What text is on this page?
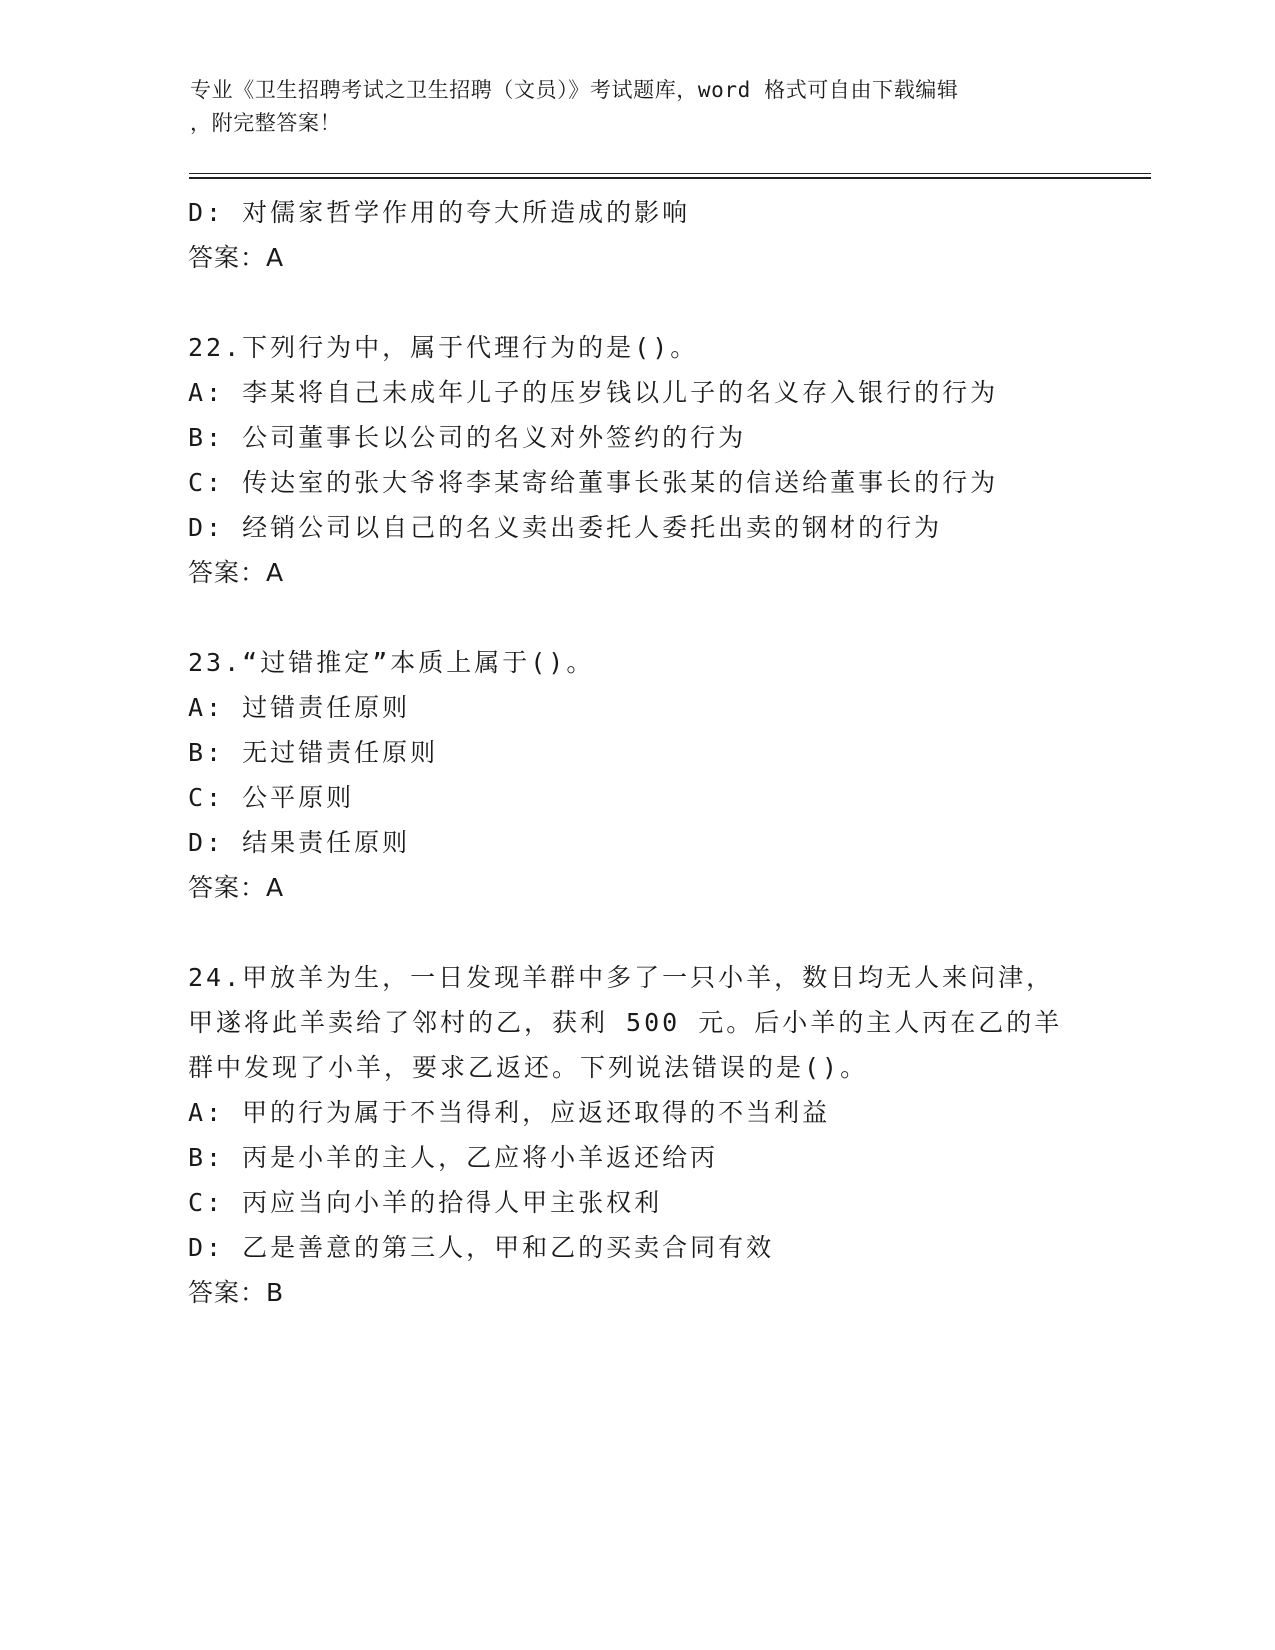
专业《卫生招聘考试之卫生招聘（文员）》考试题库，word 格式可自由下载编辑
，附完整答案！
D: 对儒家哲学作用的夸大所造成的影响
答案：A
22.下列行为中，属于代理行为的是()。
A: 李某将自己未成年儿子的压岁钱以儿子的名义存入银行的行为
B: 公司董事长以公司的名义对外签约的行为
C: 传达室的张大爷将李某寄给董事长张某的信送给董事长的行为
D: 经销公司以自己的名义卖出委托人委托出卖的钢材的行为
答案：A
23.“过错推定”本质上属于()。
A: 过错责任原则
B: 无过错责任原则
C: 公平原则
D: 结果责任原则
答案：A
24.甲放羊为生，一日发现羊群中多了一只小羊，数日均无人来问津，
甲遂将此羊卖给了邻村的乙，获利 500 元。后小羊的主人丙在乙的羊
群中发现了小羊，要求乙返还。下列说法错误的是()。
A: 甲的行为属于不当得利，应返还取得的不当利益
B: 丙是小羊的主人，乙应将小羊返还给丙
C: 丙应当向小羊的拾得人甲主张权利
D: 乙是善意的第三人，甲和乙的买卖合同有效
答案：B
